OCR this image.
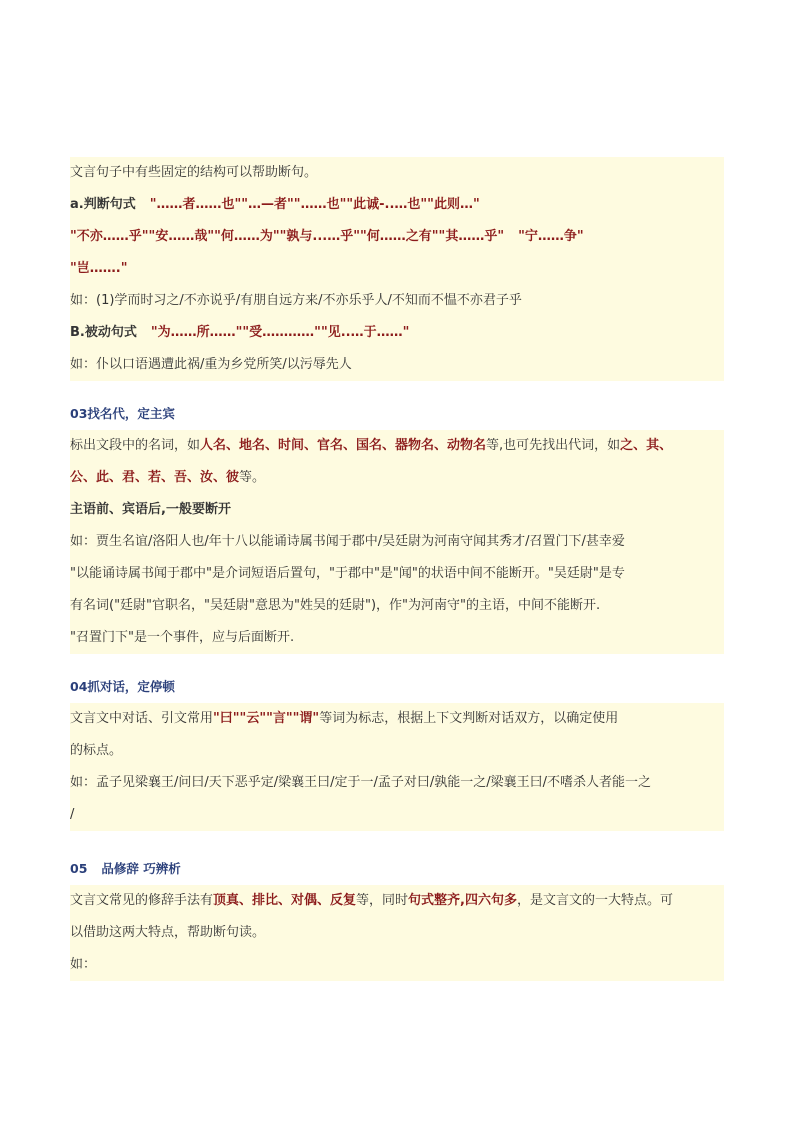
文言句子中有些固定的结构可以帮助断句。
a.判断句式 "……者……也""…—者""……也""此诚-..…也""此则…"
"不亦……乎""安……哉""何……为""孰与...…乎""何……之有""其……乎" "宁……争"
"岂……."
如：(1)学而时习之/不亦说乎/有朋自远方来/不亦乐乎人/不知而不愠不亦君子乎
B.被动句式 "为……所……""受…………""见..…于……"
如：仆以口语遇遭此祸/重为乡党所笑/以污辱先人
03找名代，定主宾
标出文段中的名词，如人名、地名、时间、官名、国名、器物名、动物名等,也可先找出代词，如之、其、
公、此、君、若、吾、汝、彼等。
主语前、宾语后,一般要断开
如：贾生名谊/洛阳人也/年十八以能诵诗属书闻于郡中/吴廷尉为河南守闻其秀才/召置门下/甚幸爱
"以能诵诗属书闻于郡中"是介词短语后置句，"于郡中"是"闻"的状语中间不能断开。"吴廷尉"是专
有名词("廷尉"官职名，"吴廷尉"意思为"姓吴的廷尉")，作"为河南守"的主语，中间不能断开.
"召置门下"是一个事件，应与后面断开.
04抓对话，定停顿
文言文中对话、引文常用"曰""云""言""谓"等词为标志，根据上下文判断对话双方，以确定使用
的标点。
如：孟子见梁襄王/问曰/天下恶乎定/梁襄王曰/定于一/孟子对曰/孰能一之/梁襄王曰/不嗜杀人者能一之
/
05 品修辞 巧辨析
文言文常见的修辞手法有顶真、排比、对偶、反复等，同时句式整齐,四六句多，是文言文的一大特点。可
以借助这两大特点，帮助断句读。
如：
